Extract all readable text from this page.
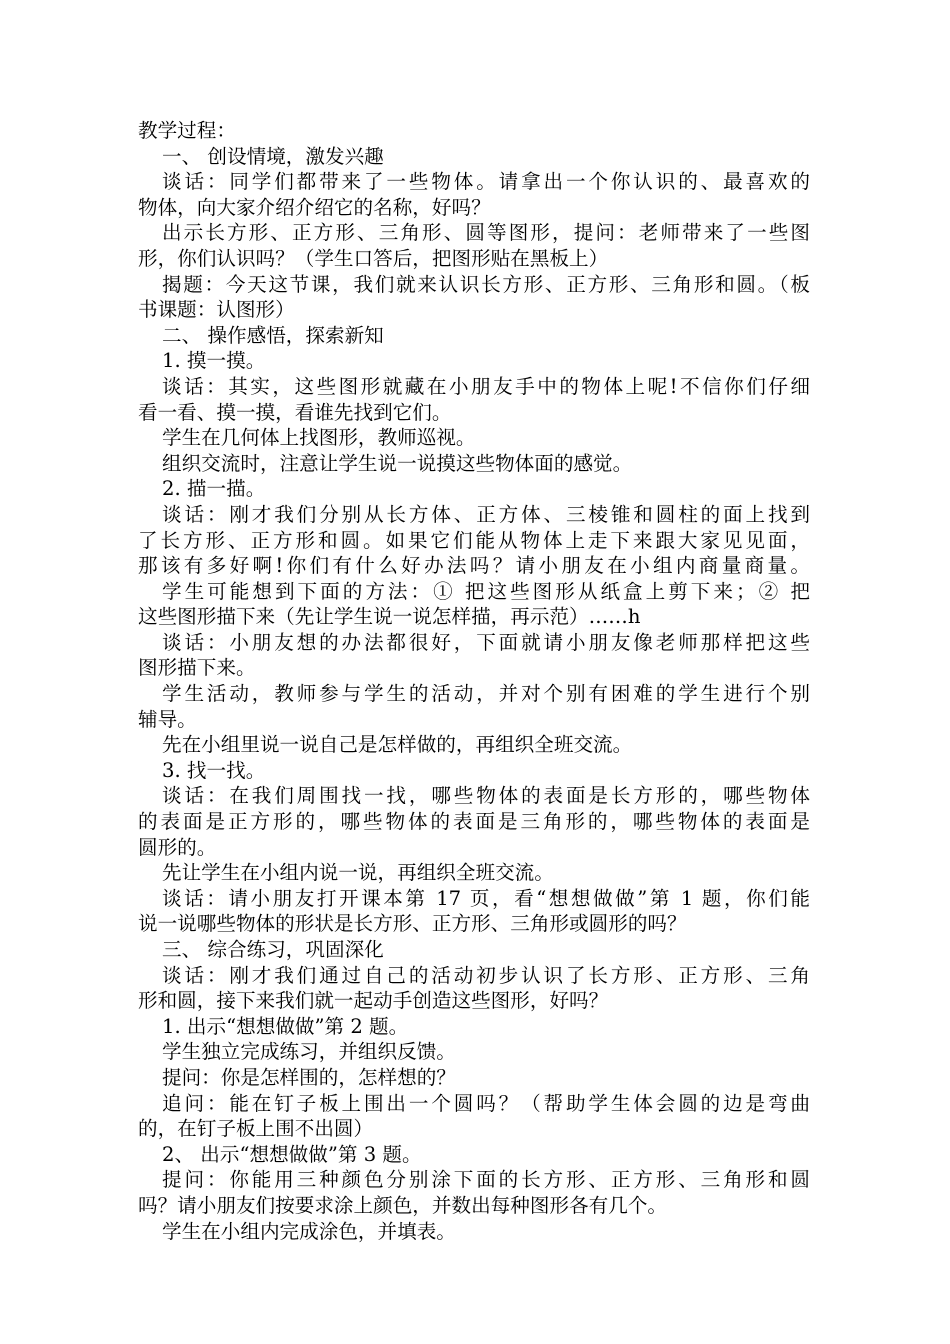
教学过程：
一、 创设情境，激发兴趣
谈话：同学们都带来了一些物体。请拿出一个你认识的、最喜欢的
物体，向大家介绍介绍它的名称，好吗？
出示长方形、正方形、三角形、圆等图形，提问：老师带来了一些图
形，你们认识吗？（学生口答后，把图形贴在黑板上）
揭题：今天这节课，我们就来认识长方形、正方形、三角形和圆。（板
书课题：认图形）
二、 操作感悟，探索新知
1. 摸一摸。
谈话：其实，这些图形就藏在小朋友手中的物体上呢!不信你们仔细
看一看、摸一摸，看谁先找到它们。
学生在几何体上找图形，教师巡视。
组织交流时，注意让学生说一说摸这些物体面的感觉。
2. 描一描。
谈话：刚才我们分别从长方体、正方体、三棱锥和圆柱的面上找到
了长方形、正方形和圆。如果它们能从物体上走下来跟大家见见面，
那该有多好啊!你们有什么好办法吗？请小朋友在小组内商量商量。
学生可能想到下面的方法：① 把这些图形从纸盒上剪下来；② 把
这些图形描下来（先让学生说一说怎样描，再示范）……h
谈话：小朋友想的办法都很好，下面就请小朋友像老师那样把这些
图形描下来。
学生活动，教师参与学生的活动，并对个别有困难的学生进行个别
辅导。
先在小组里说一说自己是怎样做的，再组织全班交流。
3. 找一找。
谈话：在我们周围找一找，哪些物体的表面是长方形的，哪些物体
的表面是正方形的，哪些物体的表面是三角形的，哪些物体的表面是
圆形的。
先让学生在小组内说一说，再组织全班交流。
谈话：请小朋友打开课本第 17 页，看“想想做做”第 1 题，你们能
说一说哪些物体的形状是长方形、正方形、三角形或圆形的吗？
三、 综合练习，巩固深化
谈话：刚才我们通过自己的活动初步认识了长方形、正方形、三角
形和圆，接下来我们就一起动手创造这些图形，好吗？
1. 出示“想想做做”第 2 题。
学生独立完成练习，并组织反馈。
提问：你是怎样围的，怎样想的？
追问：能在钉子板上围出一个圆吗？（帮助学生体会圆的边是弯曲
的，在钉子板上围不出圆）
2、 出示“想想做做”第 3 题。
提问：你能用三种颜色分别涂下面的长方形、正方形、三角形和圆
吗？请小朋友们按要求涂上颜色，并数出每种图形各有几个。
学生在小组内完成涂色，并填表。
